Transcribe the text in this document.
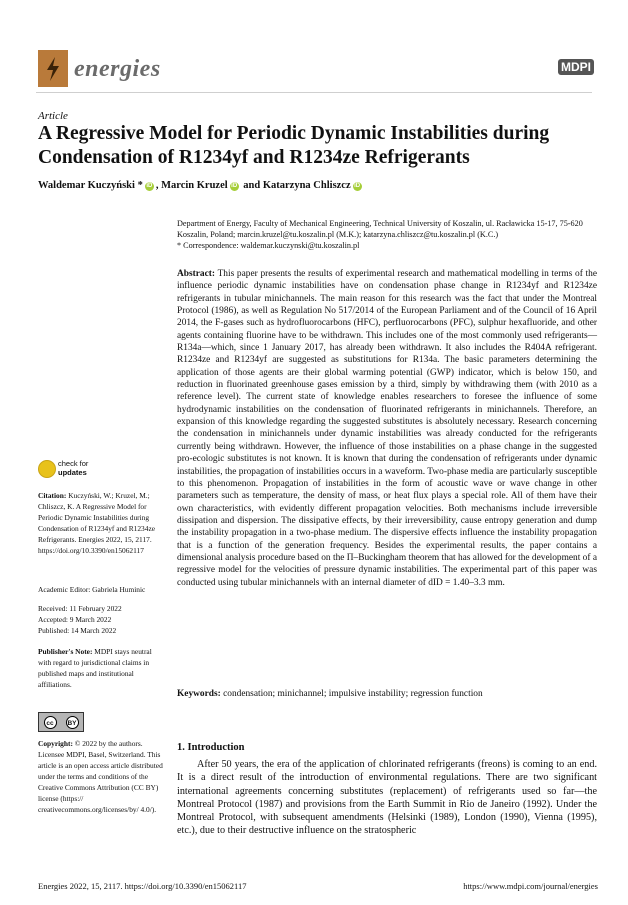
energies	MDPI
Article
A Regressive Model for Periodic Dynamic Instabilities during Condensation of R1234yf and R1234ze Refrigerants
Waldemar Kuczyński * iD , Marcin Kruzel iD and Katarzyna Chliszcz iD
Department of Energy, Faculty of Mechanical Engineering, Technical University of Koszalin, ul. Racławicka 15-17, 75-620 Koszalin, Poland; marcin.kruzel@tu.koszalin.pl (M.K.); katarzyna.chliszcz@tu.koszalin.pl (K.C.)
* Correspondence: waldemar.kuczynski@tu.koszalin.pl
Abstract: This paper presents the results of experimental research and mathematical modelling in terms of the influence periodic dynamic instabilities have on condensation phase change in R1234yf and R1234ze refrigerants in tubular minichannels. The main reason for this research was the fact that under the Montreal Protocol (1986), as well as Regulation No 517/2014 of the European Parliament and of the Council of 16 April 2014, the F-gases such as hydrofluorocarbons (HFC), perfluorocarbons (PFC), sulphur hexafluoride, and other agents containing fluorine have to be withdrawn. This includes one of the most commonly used refrigerants—R134a—which, since 1 January 2017, has already been withdrawn. It also includes the R404A refrigerant. R1234ze and R1234yf are suggested as substitutions for R134a. The basic parameters determining the application of those agents are their global warming potential (GWP) indicator, which is below 150, and reduction in fluorinated greenhouse gases emission by a third, simply by withdrawing them (with 2010 as a reference level). The current state of knowledge enables researchers to foresee the influence of some hydrodynamic instabilities on the condensation of fluorinated refrigerants in minichannels. Therefore, an expansion of this knowledge regarding the suggested substitutes is absolutely necessary. Research concerning the condensation in minichannels under dynamic instabilities was already conducted for the refrigerants currently being withdrawn. However, the influence of those instabilities on a phase change in the suggested pro-ecologic substitutes is not known. It is known that during the condensation of refrigerants under dynamic instabilities, the propagation of instabilities occurs in a waveform. Two-phase media are particularly susceptible to this phenomenon. Propagation of instabilities in the form of acoustic wave or wave change in other parameters such as temperature, the density of mass, or heat flux plays a special role. All of them have their own characteristics, with evidently different propagation velocities. Both mechanisms include irreversible dissipation and dispersion. The dissipative effects, by their irreversibility, cause entropy generation and dump the instability propagation in a two-phase medium. The dispersive effects influence the instability propagation that is a function of the generation frequency. Besides the experimental results, the paper contains a dimensional analysis procedure based on the Π–Buckingham theorem that has allowed for the development of a regressive model for the velocities of pressure dynamic instabilities. The experimental part of this paper was conducted using tubular minichannels with an internal diameter of dID = 1.40–3.3 mm.
Keywords: condensation; minichannel; impulsive instability; regression function
check for
updates
Citation: Kuczyński, W.; Kruzel, M.; Chliszcz, K. A Regressive Model for Periodic Dynamic Instabilities during Condensation of R1234yf and R1234ze Refrigerants. Energies 2022, 15, 2117. https://doi.org/10.3390/en15062117
Academic Editor: Gabriela Huminic
Received: 11 February 2022
Accepted: 9 March 2022
Published: 14 March 2022
Publisher's Note: MDPI stays neutral with regard to jurisdictional claims in published maps and institutional affiliations.
cc	BY
Copyright: © 2022 by the authors. Licensee MDPI, Basel, Switzerland. This article is an open access article distributed under the terms and conditions of the Creative Commons Attribution (CC BY) license (https:// creativecommons.org/licenses/by/ 4.0/).
1. Introduction
After 50 years, the era of the application of chlorinated refrigerants (freons) is coming to an end. It is a direct result of the introduction of environmental regulations. There are two significant international agreements concerning substitutes (replacement) of refrigerants used so far—the Montreal Protocol (1987) and provisions from the Earth Summit in Rio de Janeiro (1992). Under the Montreal Protocol, with subsequent amendments (Helsinki (1989), London (1990), Vienna (1995), etc.), due to their destructive influence on the stratospheric
Energies 2022, 15, 2117. https://doi.org/10.3390/en15062117	https://www.mdpi.com/journal/energies
